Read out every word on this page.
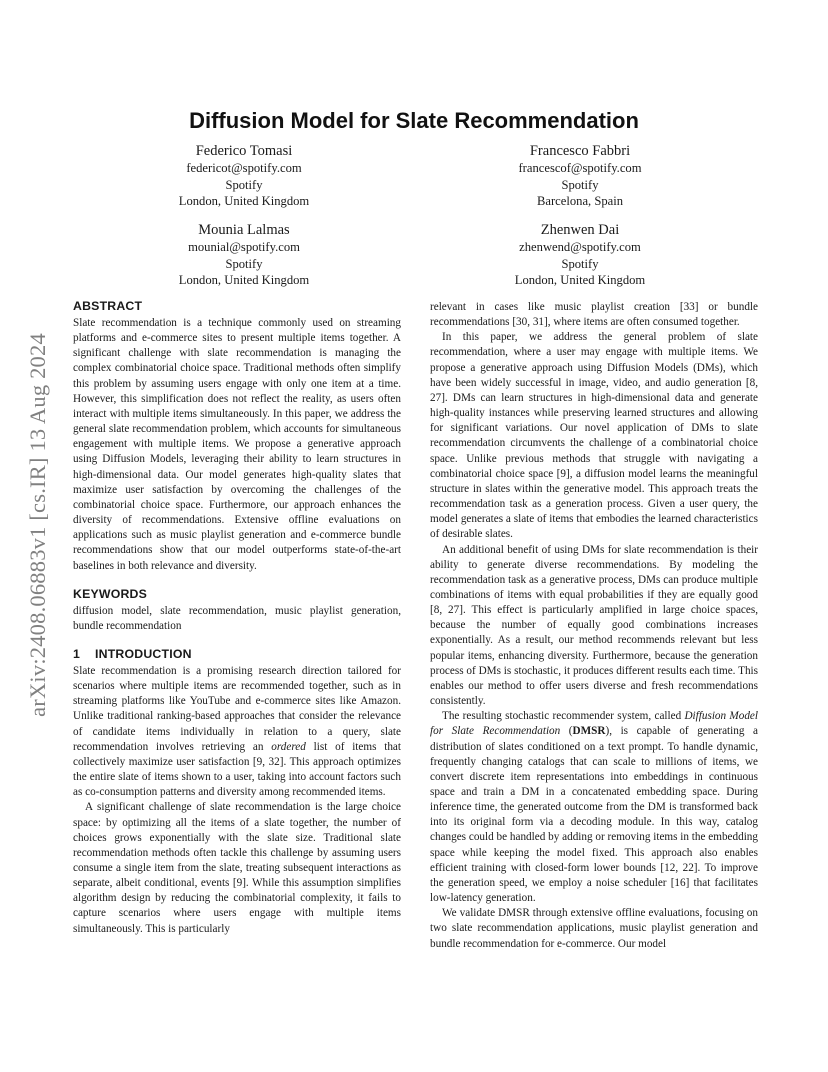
arXiv:2408.06883v1 [cs.IR] 13 Aug 2024
Diffusion Model for Slate Recommendation
Federico Tomasi
federicot@spotify.com
Spotify
London, United Kingdom
Francesco Fabbri
francescof@spotify.com
Spotify
Barcelona, Spain
Mounia Lalmas
mounial@spotify.com
Spotify
London, United Kingdom
Zhenwen Dai
zhenwend@spotify.com
Spotify
London, United Kingdom
ABSTRACT

Slate recommendation is a technique commonly used on streaming platforms and e-commerce sites to present multiple items together. A significant challenge with slate recommendation is managing the complex combinatorial choice space. Traditional methods often simplify this problem by assuming users engage with only one item at a time. However, this simplification does not reflect the reality, as users often interact with multiple items simultaneously. In this paper, we address the general slate recommendation problem, which accounts for simultaneous engagement with multiple items. We propose a generative approach using Diffusion Models, leveraging their ability to learn structures in high-dimensional data. Our model generates high-quality slates that maximize user satisfaction by overcoming the challenges of the combinatorial choice space. Furthermore, our approach enhances the diversity of recommendations. Extensive offline evaluations on applications such as music playlist generation and e-commerce bundle recommendations show that our model outperforms state-of-the-art baselines in both relevance and diversity.

KEYWORDS

diffusion model, slate recommendation, music playlist generation, bundle recommendation

1 INTRODUCTION

Slate recommendation is a promising research direction tailored for scenarios where multiple items are recommended together, such as in streaming platforms like YouTube and e-commerce sites like Amazon. Unlike traditional ranking-based approaches that consider the relevance of candidate items individually in relation to a query, slate recommendation involves retrieving an ordered list of items that collectively maximize user satisfaction [9, 32]. This approach optimizes the entire slate of items shown to a user, taking into account factors such as co-consumption patterns and diversity among recommended items.

A significant challenge of slate recommendation is the large choice space: by optimizing all the items of a slate together, the number of choices grows exponentially with the slate size. Traditional slate recommendation methods often tackle this challenge by assuming users consume a single item from the slate, treating subsequent interactions as separate, albeit conditional, events [9]. While this assumption simplifies algorithm design by reducing the combinatorial complexity, it fails to capture scenarios where users engage with multiple items simultaneously. This is particularly

relevant in cases like music playlist creation [33] or bundle recommendations [30, 31], where items are often consumed together.

In this paper, we address the general problem of slate recommendation, where a user may engage with multiple items. We propose a generative approach using Diffusion Models (DMs), which have been widely successful in image, video, and audio generation [8, 27]. DMs can learn structures in high-dimensional data and generate high-quality instances while preserving learned structures and allowing for significant variations. Our novel application of DMs to slate recommendation circumvents the challenge of a combinatorial choice space. Unlike previous methods that struggle with navigating a combinatorial choice space [9], a diffusion model learns the meaningful structure in slates within the generative model. This approach treats the recommendation task as a generation process. Given a user query, the model generates a slate of items that embodies the learned characteristics of desirable slates.

An additional benefit of using DMs for slate recommendation is their ability to generate diverse recommendations. By modeling the recommendation task as a generative process, DMs can produce multiple combinations of items with equal probabilities if they are equally good [8, 27]. This effect is particularly amplified in large choice spaces, because the number of equally good combinations increases exponentially. As a result, our method recommends relevant but less popular items, enhancing diversity. Furthermore, because the generation process of DMs is stochastic, it produces different results each time. This enables our method to offer users diverse and fresh recommendations consistently.

The resulting stochastic recommender system, called Diffusion Model for Slate Recommendation (DMSR), is capable of generating a distribution of slates conditioned on a text prompt. To handle dynamic, frequently changing catalogs that can scale to millions of items, we convert discrete item representations into embeddings in continuous space and train a DM in a concatenated embedding space. During inference time, the generated outcome from the DM is transformed back into its original form via a decoding module. In this way, catalog changes could be handled by adding or removing items in the embedding space while keeping the model fixed. This approach also enables efficient training with closed-form lower bounds [12, 22]. To improve the generation speed, we employ a noise scheduler [16] that facilitates low-latency generation.

We validate DMSR through extensive offline evaluations, focusing on two slate recommendation applications, music playlist generation and bundle recommendation for e-commerce. Our model
